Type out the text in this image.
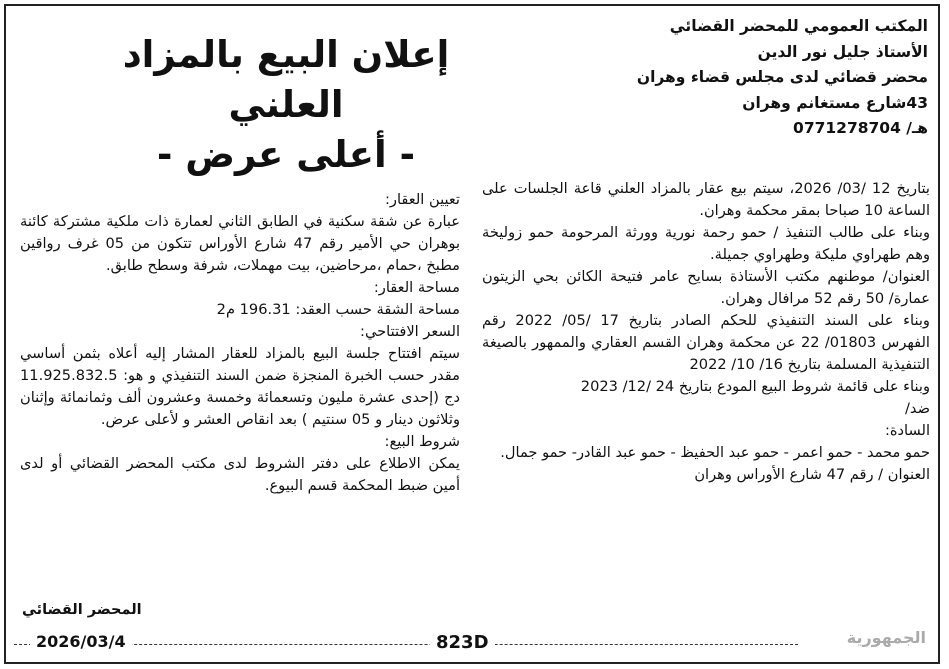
المكتب العمومي للمحضر القضائي
الأستاذ جليل نور الدين
محضر قضائي لدى مجلس قضاء وهران
43شارع مستغانم وهران
هـ/ 0771278704
إعلان البيع بالمزاد العلني
- أعلى عرض -

بتاريخ 12 /03/ 2026، سيتم بيع عقار بالمزاد العلني قاعة الجلسات على الساعة 10 صباحا بمقر محكمة وهران.

وبناء على طالب التنفيذ / حمو رحمة نورية وورثة المرحومة حمو زوليخة وهم طهراوي مليكة وطهراوي جميلة.

العنوان/ موطنهم مكتب الأستاذة بسايح عامر فتيحة الكائن بحي الزيتون عمارة/ 50 رقم 52 مرافال وهران.

وبناء على السند التنفيذي للحكم الصادر بتاريخ 17 /05/ 2022 رقم الفهرس 01803/ 22 عن محكمة وهران القسم العقاري والممهور بالصيغة التنفيذية المسلمة بتاريخ 16/ 10/ 2022

وبناء على قائمة شروط البيع المودع بتاريخ 24 /12/ 2023

ضد/

السادة:

حمو محمد - حمو اعمر - حمو عبد الحفيظ - حمو عبد القادر- حمو جمال.

العنوان / رقم 47 شارع الأوراس وهران

تعيين العقار:

عبارة عن شقة سكنية في الطابق الثاني لعمارة ذات ملكية مشتركة كائنة بوهران حي الأمير رقم 47 شارع الأوراس تتكون من 05 غرف رواقين مطبخ ،حمام ،مرحاضين، بيت مهملات، شرفة وسطح طابق.

مساحة العقار:

مساحة الشقة حسب العقد: 196.31 م2

السعر الافتتاحي:

سيتم افتتاح جلسة البيع بالمزاد للعقار المشار إليه أعلاه بثمن أساسي مقدر حسب الخبرة المنجزة ضمن السند التنفيذي و هو: 11.925.832.5 دج (إحدى عشرة مليون وتسعمائة وخمسة وعشرون ألف وثمانمائة وإثنان وثلاثون دينار و 05 سنتيم ) بعد انقاص العشر و لأعلى عرض.

شروط البيع:

يمكن الاطلاع على دفتر الشروط لدى مكتب المحضر القضائي أو لدى أمين ضبط المحكمة قسم البيوع.

المحضر القضائي
2026/03/4	823D	الجمهورية
